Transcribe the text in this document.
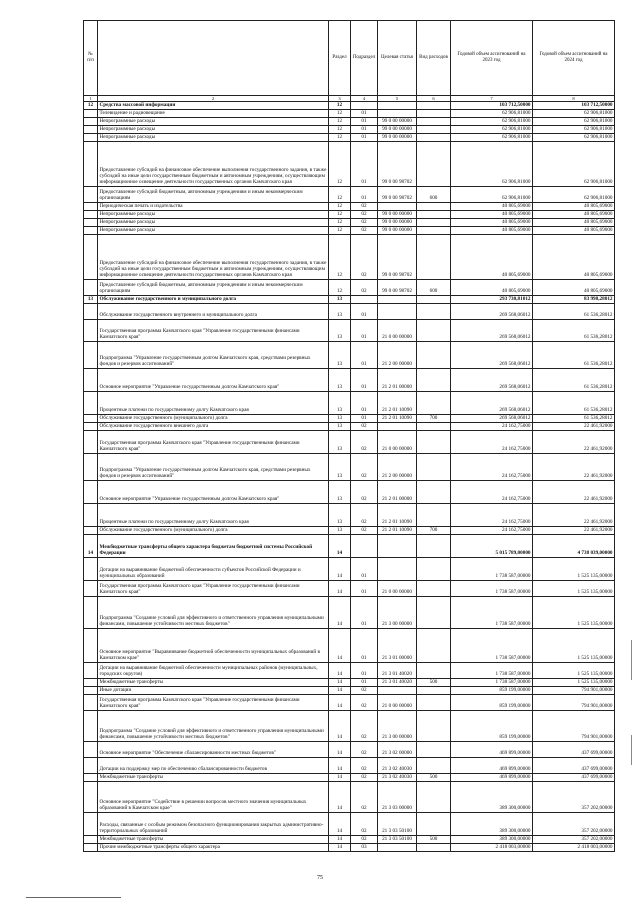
№ п/п		Раздел	Подраздел	Целевая статья	Вид расходов	Годовой объем ассигнований на 2023 год	Годовой объем ассигнований на 2024 год
1	2	3	4	5	6	7	8
12	Средства массовой информации	12				103 712,50000	103 712,50000
	Телевидение и радиовещание	12	01			62 906,81000	62 906,81000
	Непрограммные расходы	12	01	99 0 00 00000		62 906,81000	62 906,81000
	Непрограммные расходы	12	01	99 0 00 00000		62 906,81000	62 906,81000
	Непрограммные расходы	12	01	99 0 00 00000		62 906,81000	62 906,81000
	Предоставление субсидий на финансовое обеспечение выполнения государственного задания, в также субсидий на иные цели государственным бюджетным и автономным учреждениям, осуществляющим информационное освещение деятельности государственных органов Камчатского края	12	01	99 0 00 98702		62 906,81000	62 906,81000
	Предоставление субсидий бюджетным, автономным учреждениям и иным некоммерческим организациям	12	01	99 0 00 98702	600	62 906,81000	62 906,81000
	Периодическая печать и издательства	12	02			40 805,69000	40 805,69000
	Непрограммные расходы	12	02	99 0 00 00000		40 805,69000	40 805,69000
	Непрограммные расходы	12	02	99 0 00 00000		40 805,69000	40 805,69000
	Непрограммные расходы	12	02	99 0 00 00000		40 805,69000	40 805,69000
	Предоставление субсидий на финансовое обеспечение выполнения государственного задания, в также субсидий на иные цели государственным бюджетным и автономным учреждениям, осуществляющим информационное освещение деятельности государственных органов Камчатского края	12	02	99 0 00 98702		40 805,69000	40 805,69000
	Предоставление субсидий бюджетным, автономным учреждениям и иным некоммерческим организациям	12	02	99 0 00 98702	600	40 805,69000	40 805,69000
13	Обслуживание государственного и муниципального долга	13				293 730,81012	83 998,28012
	Обслуживание государственного внутреннего и муниципального долга	13	01			269 568,06012	61 536,28012
	Государственная программа Камчатского края "Управление государственными финансами Камчатского края"	13	01	21 0 00 00000		269 568,06012	61 536,28012
	Подпрограмма "Управление государственным долгом Камчатского края, средствами резервных фондов и резервов ассигнований"	13	01	21 2 00 00000		269 568,06012	61 536,28012
	Основное мероприятие "Управление государственным долгом Камчатского края"	13	01	21 2 01 00000		269 568,06012	61 536,28012
	Процентные платежи по государственному долгу Камчатского края	13	01	21 2 01 10090		269 568,06012	61 536,28012
	Обслуживание государственного (муниципального) долга	13	01	21 2 01 10090	700	269 568,06012	61 536,28012
	Обслуживание государственного внешнего долга	13	02			24 162,75000	22 461,92000
	Государственная программа Камчатского края "Управление государственными финансами Камчатского края"	13	02	21 0 00 00000		24 162,75000	22 461,92000
	Подпрограмма "Управление государственным долгом Камчатского края, средствами резервных фондов и резервов ассигнований"	13	02	21 2 00 00000		24 162,75000	22 461,92000
	Основное мероприятие "Управление государственным долгом Камчатского края"	13	02	21 2 01 00000		24 162,75000	22 461,92000
	Процентные платежи по государственному долгу Камчатского края	13	02	21 2 01 10090		24 162,75000	22 461,92000
	Обслуживание государственного (муниципального) долга	13	02	21 2 01 10090	700	24 162,75000	22 461,92000
14	Межбюджетные трансферты общего характера бюджетам бюджетной системы Российской Федерации	14				5 015 789,00000	4 738 039,00000
	Дотации на выравнивание бюджетной обеспеченности субъектов Российской Федерации и муниципальных образований	14	01			1 738 587,00000	1 525 135,00000
	Государственная программа Камчатского края "Управление государственными финансами Камчатского края"	14	01	21 0 00 00000		1 738 587,00000	1 525 135,00000
	Подпрограмма "Создание условий для эффективного и ответственного управления муниципальными финансами, повышение устойчивости местных бюджетов"	14	01	21 3 00 00000		1 738 587,00000	1 525 135,00000
	Основное мероприятие "Выравнивание бюджетной обеспеченности муниципальных образований в Камчатском крае"	14	01	21 3 01 00000		1 738 587,00000	1 525 135,00000
	Дотации на выравнивание бюджетной обеспеченности муниципальных районов (муниципальных, городских округов)	14	01	21 3 01 40020		1 738 587,00000	1 525 135,00000
	Межбюджетные трансферты	14	01	21 3 01 40020	500	1 738 587,00000	1 525 135,00000
	Иные дотации	14	02			859 199,00000	794 901,00000
	Государственная программа Камчатского края "Управление государственными финансами Камчатского края"	14	02	21 0 00 00000		859 199,00000	794 901,00000
	Подпрограмма "Создание условий для эффективного и ответственного управления муниципальными финансами, повышение устойчивости местных бюджетов"	14	02	21 3 00 00000		859 199,00000	794 901,00000
	Основное мероприятие "Обеспечение сбалансированности местных бюджетов"	14	02	21 3 02 00000		469 899,00000	437 699,00000
	Дотации на поддержку мер по обеспечению сбалансированности бюджетов	14	02	21 3 02 40030		469 899,00000	437 699,00000
	Межбюджетные трансферты	14	02	21 3 02 40030	500	469 899,00000	437 699,00000
	Основное мероприятие "Содействие в решении вопросов местного значения муниципальных образований в Камчатском крае"	14	02	21 3 03 00000		389 300,00000	357 202,00000
	Расходы, связанные с особым режимом безопасного функционирования закрытых административно-территориальных образований	14	02	21 3 03 50100		389 300,00000	357 202,00000
	Межбюджетные трансферты	14	02	21 3 03 50100	500	389 300,00000	357 202,00000
	Прочие межбюджетные трансферты общего характера	14	03			2 418 003,00000	2 418 003,00000
75
